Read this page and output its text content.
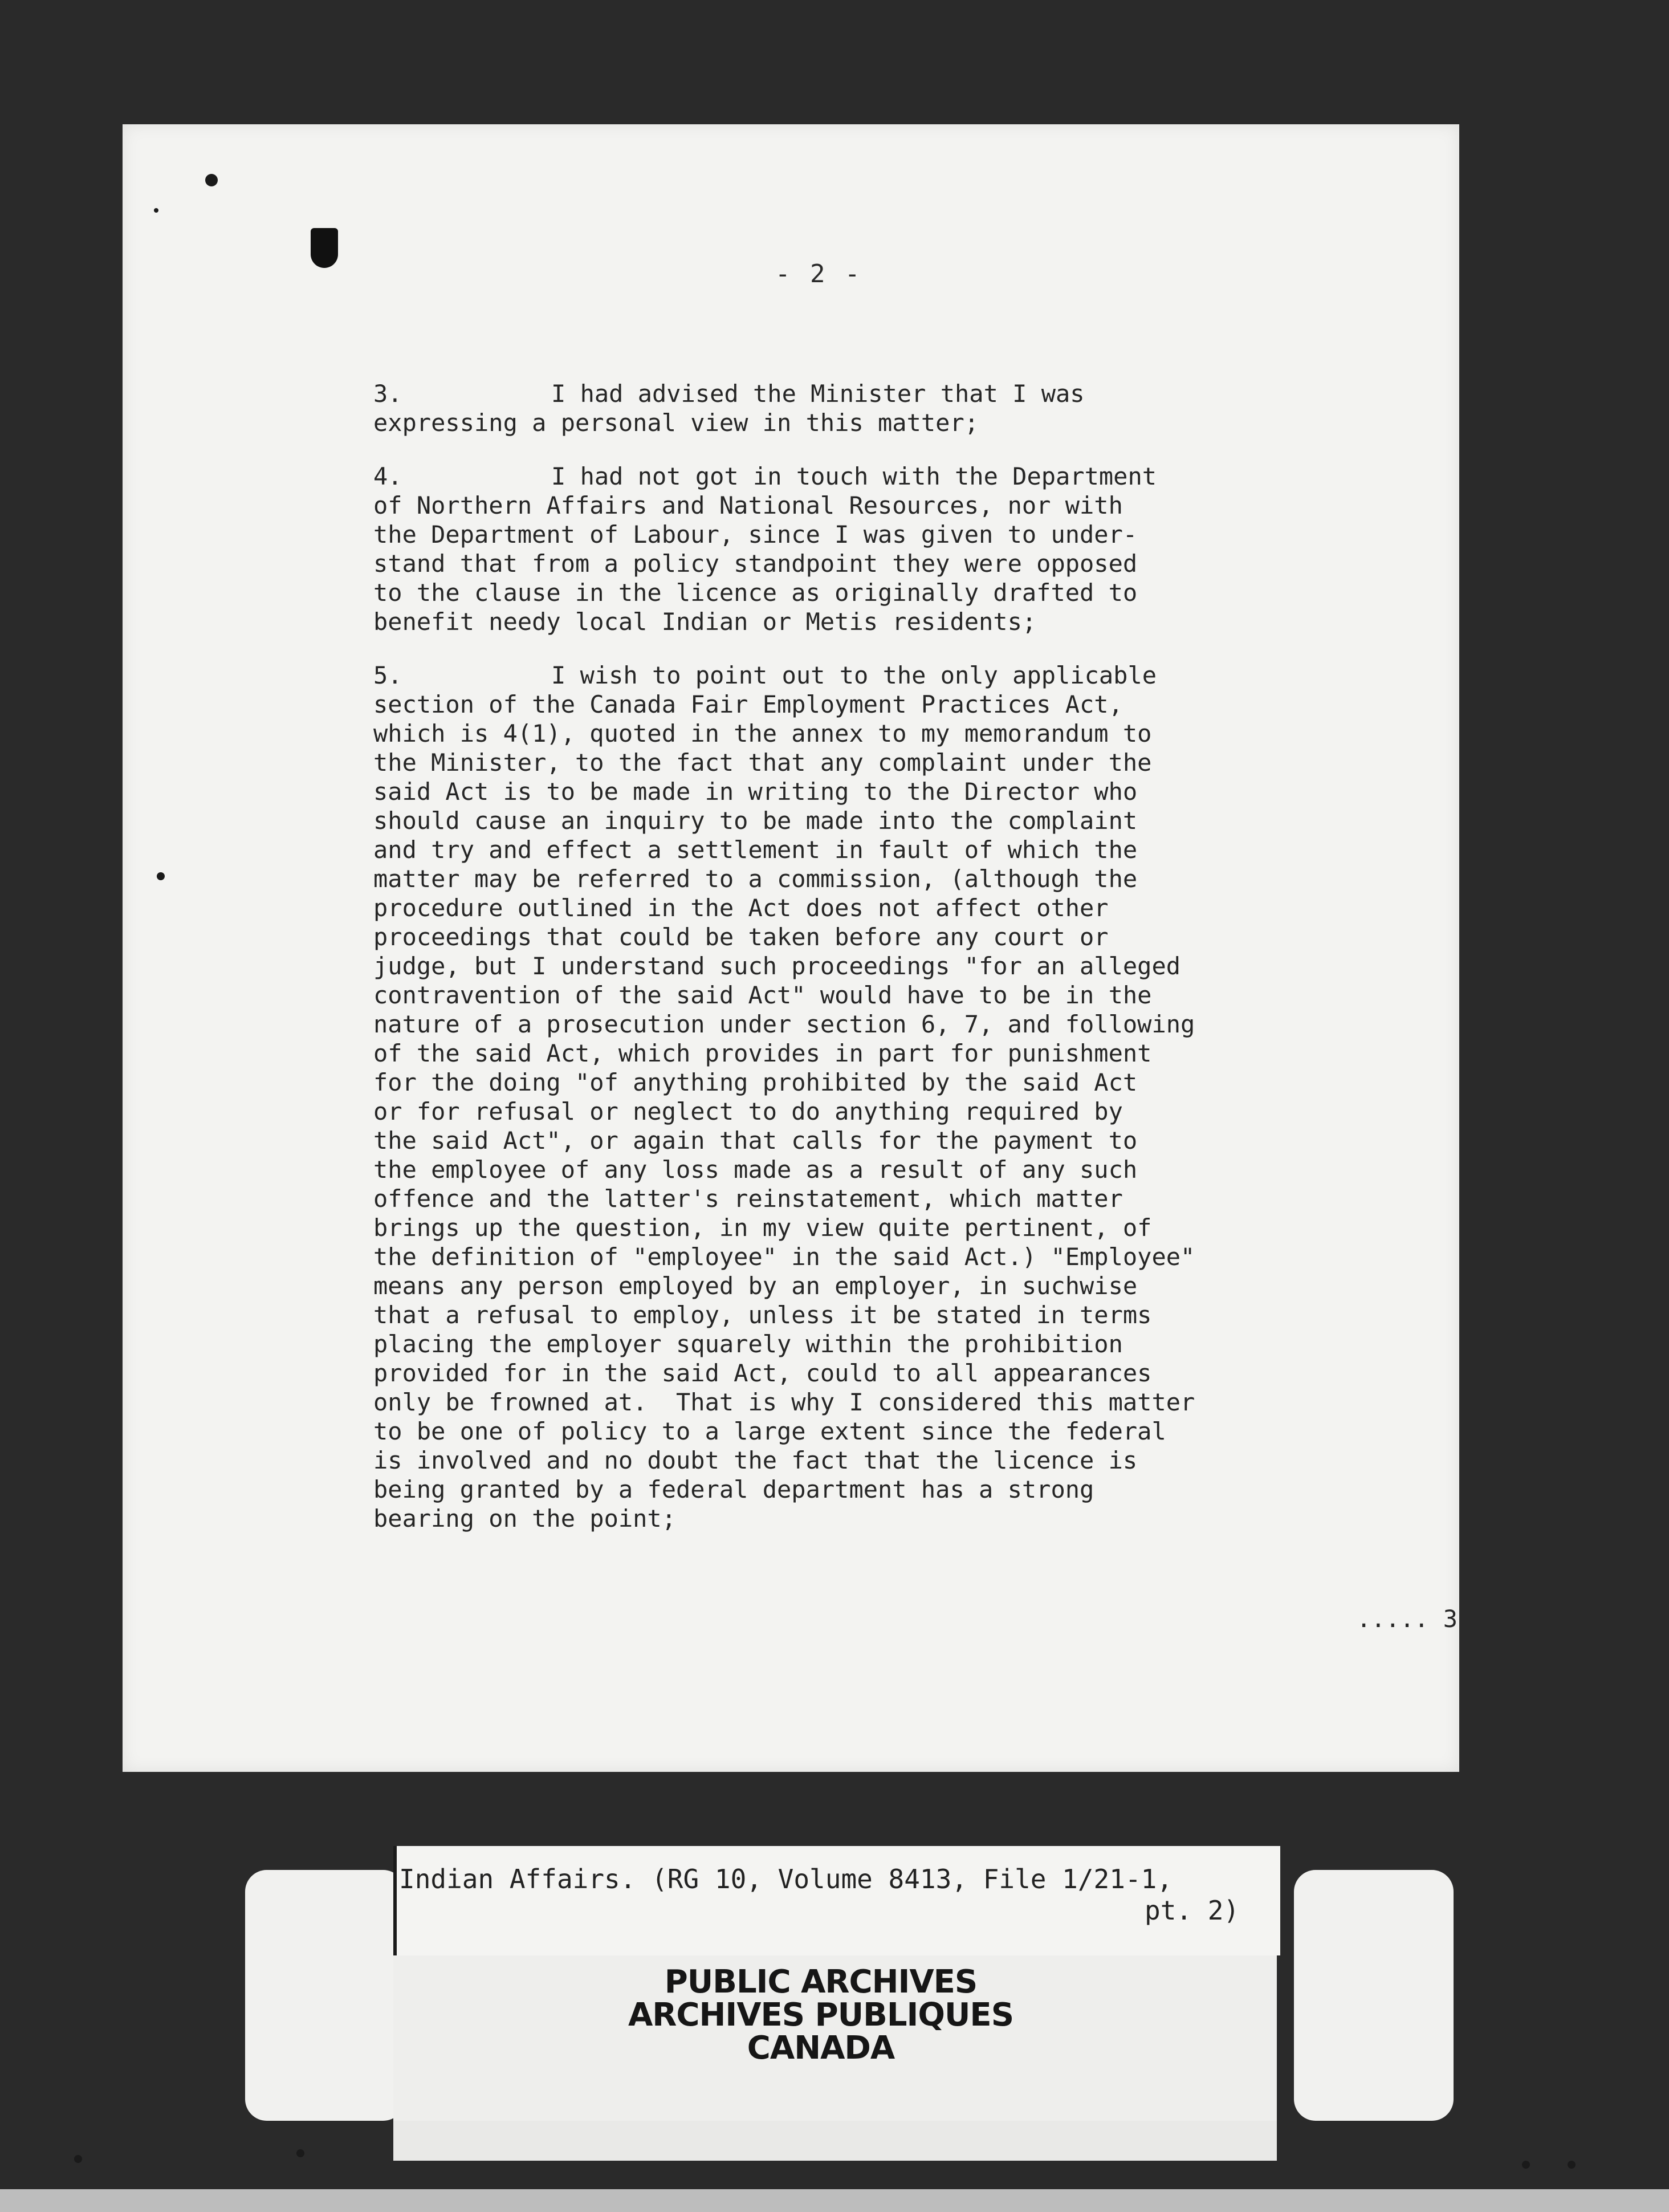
- 2 -
3.	I had advised the Minister that I was
expressing a personal view in this matter;
4.	I had not got in touch with the Department
of Northern Affairs and National Resources, nor with
the Department of Labour, since I was given to under-
stand that from a policy standpoint they were opposed
to the clause in the licence as originally drafted to
benefit needy local Indian or Metis residents;
5.	I wish to point out to the only applicable
section of the Canada Fair Employment Practices Act,
which is 4(1), quoted in the annex to my memorandum to
the Minister, to the fact that any complaint under the
said Act is to be made in writing to the Director who
should cause an inquiry to be made into the complaint
and try and effect a settlement in fault of which the
matter may be referred to a commission, (although the
procedure outlined in the Act does not affect other
proceedings that could be taken before any court or
judge, but I understand such proceedings "for an alleged
contravention of the said Act" would have to be in the
nature of a prosecution under section 6, 7, and following
of the said Act, which provides in part for punishment
for the doing "of anything prohibited by the said Act
or for refusal or neglect to do anything required by
the said Act", or again that calls for the payment to
the employee of any loss made as a result of any such
offence and the latter's reinstatement, which matter
brings up the question, in my view quite pertinent, of
the definition of "employee" in the said Act.) "Employee"
means any person employed by an employer, in suchwise
that a refusal to employ, unless it be stated in terms
placing the employer squarely within the prohibition
provided for in the said Act, could to all appearances
only be frowned at.  That is why I considered this matter
to be one of policy to a large extent since the federal
is involved and no doubt the fact that the licence is
being granted by a federal department has a strong
bearing on the point;
..... 3
Indian Affairs. (RG 10, Volume 8413, File 1/21-1,
pt. 2)
PUBLIC ARCHIVES
ARCHIVES PUBLIQUES
CANADA
